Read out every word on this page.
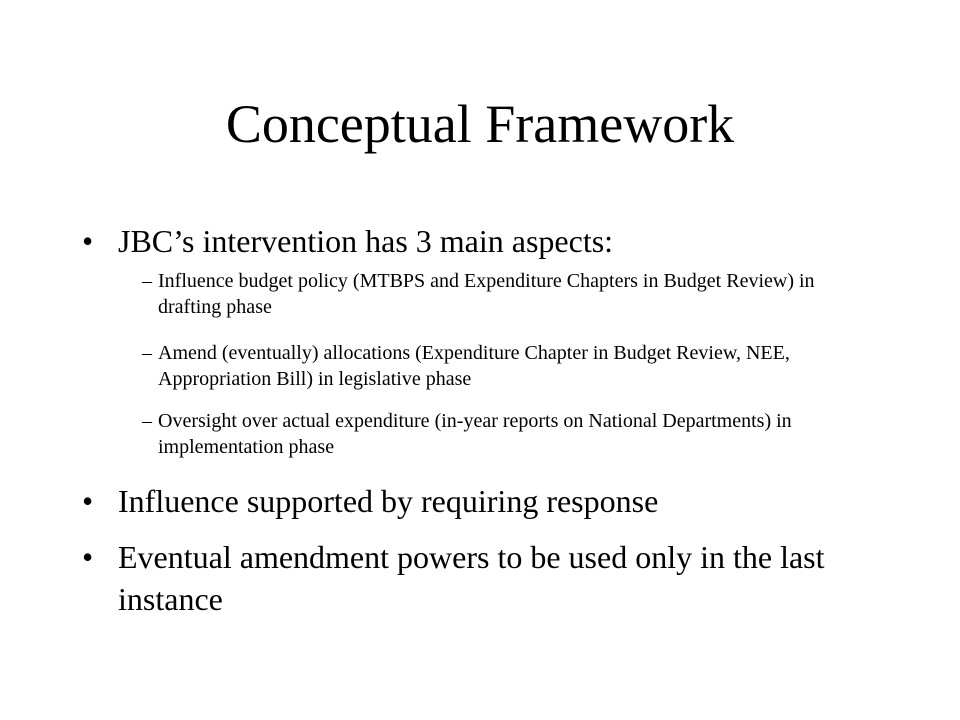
Conceptual Framework
• JBC’s intervention has 3 main aspects:
– Influence budget policy (MTBPS and Expenditure Chapters in Budget Review) in drafting phase
– Amend (eventually) allocations (Expenditure Chapter in Budget Review, NEE, Appropriation Bill) in legislative phase
– Oversight over actual expenditure (in-year reports on National Departments) in implementation phase
• Influence supported by requiring response
• Eventual amendment powers to be used only in the last instance
